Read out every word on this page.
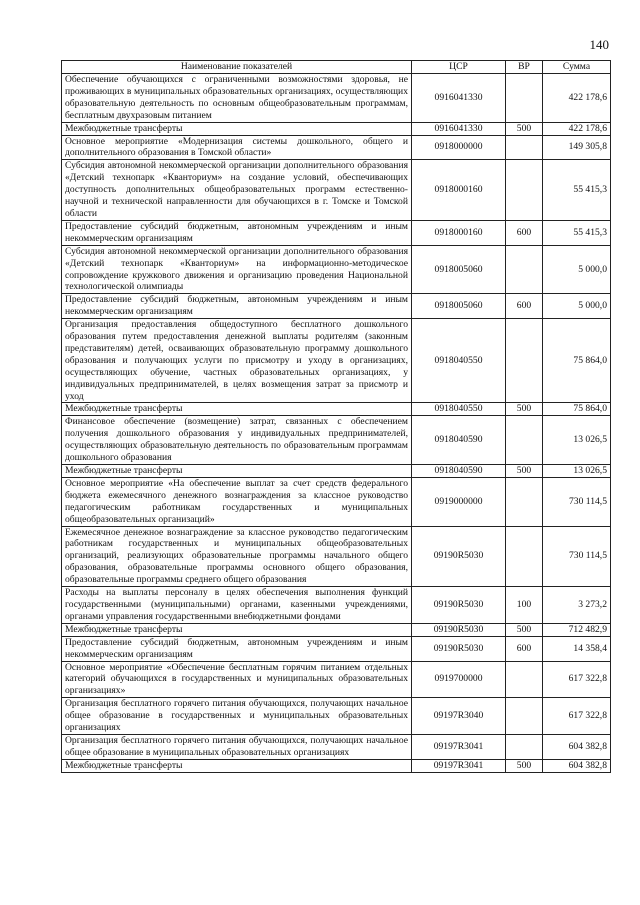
140
Наименование показателей	ЦСР	ВР	Сумма
Обеспечение обучающихся с ограниченными возможностями здоровья, не проживающих в муниципальных образовательных организациях, осуществляющих образовательную деятельность по основным общеобразовательным программам, бесплатным двухразовым питанием	0916041330		422 178,6
Межбюджетные трансферты	0916041330	500	422 178,6
Основное мероприятие «Модернизация системы дошкольного, общего и дополнительного образования в Томской области»	0918000000		149 305,8
Субсидия автономной некоммерческой организации дополнительного образования «Детский технопарк «Кванториум» на создание условий, обеспечивающих доступность дополнительных общеобразовательных программ естественно-научной и технической направленности для обучающихся в г. Томске и Томской области	0918000160		55 415,3
Предоставление субсидий бюджетным, автономным учреждениям и иным некоммерческим организациям	0918000160	600	55 415,3
Субсидия автономной некоммерческой организации дополнительного образования «Детский технопарк «Кванториум» на информационно-методическое сопровождение кружкового движения и организацию проведения Национальной технологической олимпиады	0918005060		5 000,0
Предоставление субсидий бюджетным, автономным учреждениям и иным некоммерческим организациям	0918005060	600	5 000,0
Организация предоставления общедоступного бесплатного дошкольного образования путем предоставления денежной выплаты родителям (законным представителям) детей, осваивающих образовательную программу дошкольного образования и получающих услуги по присмотру и уходу в организациях, осуществляющих обучение, частных образовательных организациях, у индивидуальных предпринимателей, в целях возмещения затрат за присмотр и уход	0918040550		75 864,0
Межбюджетные трансферты	0918040550	500	75 864,0
Финансовое обеспечение (возмещение) затрат, связанных с обеспечением получения дошкольного образования у индивидуальных предпринимателей, осуществляющих образовательную деятельность по образовательным программам дошкольного образования	0918040590		13 026,5
Межбюджетные трансферты	0918040590	500	13 026,5
Основное мероприятие «На обеспечение выплат за счет средств федерального бюджета ежемесячного денежного вознаграждения за классное руководство педагогическим работникам государственных и муниципальных общеобразовательных организаций»	0919000000		730 114,5
Ежемесячное денежное вознаграждение за классное руководство педагогическим работникам государственных и муниципальных общеобразовательных организаций, реализующих образовательные программы начального общего образования, образовательные программы основного общего образования, образовательные программы среднего общего образования	09190R5030		730 114,5
Расходы на выплаты персоналу в целях обеспечения выполнения функций государственными (муниципальными) органами, казенными учреждениями, органами управления государственными внебюджетными фондами	09190R5030	100	3 273,2
Межбюджетные трансферты	09190R5030	500	712 482,9
Предоставление субсидий бюджетным, автономным учреждениям и иным некоммерческим организациям	09190R5030	600	14 358,4
Основное мероприятие «Обеспечение бесплатным горячим питанием отдельных категорий обучающихся в государственных и муниципальных образовательных организациях»	0919700000		617 322,8
Организация бесплатного горячего питания обучающихся, получающих начальное общее образование в государственных и муниципальных образовательных организациях	09197R3040		617 322,8
Организация бесплатного горячего питания обучающихся, получающих начальное общее образование в муниципальных образовательных организациях	09197R3041		604 382,8
Межбюджетные трансферты	09197R3041	500	604 382,8
